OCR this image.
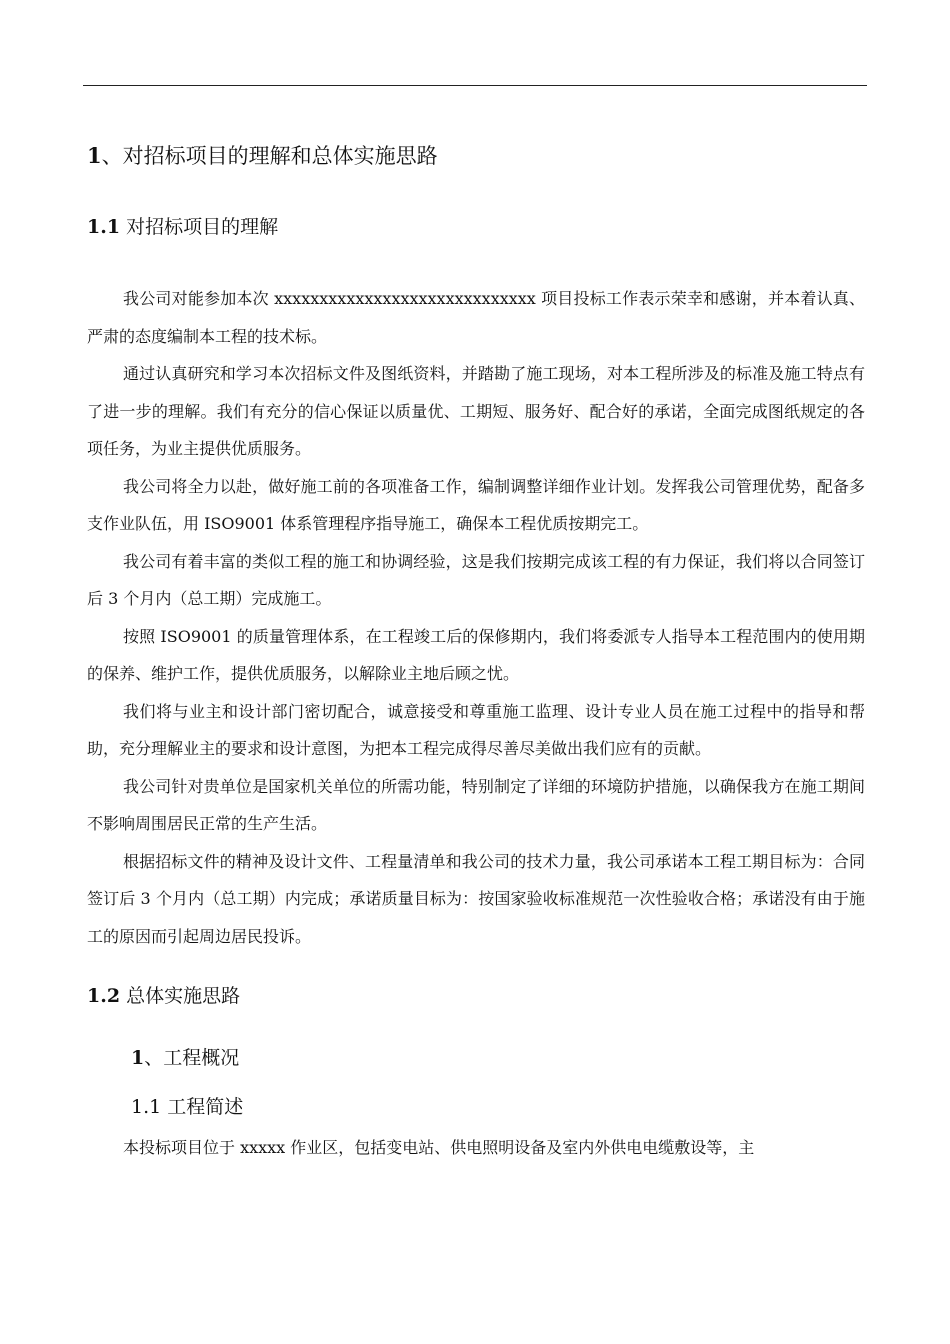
1、对招标项目的理解和总体实施思路
1.1 对招标项目的理解

我公司对能参加本次 xxxxxxxxxxxxxxxxxxxxxxxxxxxxx 项目投标工作表示荣幸和感谢，并本着认真、严肃的态度编制本工程的技术标。

通过认真研究和学习本次招标文件及图纸资料，并踏勘了施工现场，对本工程所涉及的标准及施工特点有了进一步的理解。我们有充分的信心保证以质量优、工期短、服务好、配合好的承诺，全面完成图纸规定的各项任务，为业主提供优质服务。

我公司将全力以赴，做好施工前的各项准备工作，编制调整详细作业计划。发挥我公司管理优势，配备多支作业队伍，用 ISO9001 体系管理程序指导施工，确保本工程优质按期完工。

我公司有着丰富的类似工程的施工和协调经验，这是我们按期完成该工程的有力保证，我们将以合同签订后 3 个月内（总工期）完成施工。

按照 ISO9001 的质量管理体系，在工程竣工后的保修期内，我们将委派专人指导本工程范围内的使用期的保养、维护工作，提供优质服务，以解除业主地后顾之忧。

我们将与业主和设计部门密切配合，诚意接受和尊重施工监理、设计专业人员在施工过程中的指导和帮助，充分理解业主的要求和设计意图，为把本工程完成得尽善尽美做出我们应有的贡献。

我公司针对贵单位是国家机关单位的所需功能，特别制定了详细的环境防护措施，以确保我方在施工期间不影响周围居民正常的生产生活。

根据招标文件的精神及设计文件、工程量清单和我公司的技术力量，我公司承诺本工程工期目标为：合同签订后 3 个月内（总工期）内完成；承诺质量目标为：按国家验收标准规范一次性验收合格；承诺没有由于施工的原因而引起周边居民投诉。

1.2 总体实施思路
1、工程概况
1.1 工程简述

本投标项目位于 xxxxx 作业区，包括变电站、供电照明设备及室内外供电电缆敷设等，主
